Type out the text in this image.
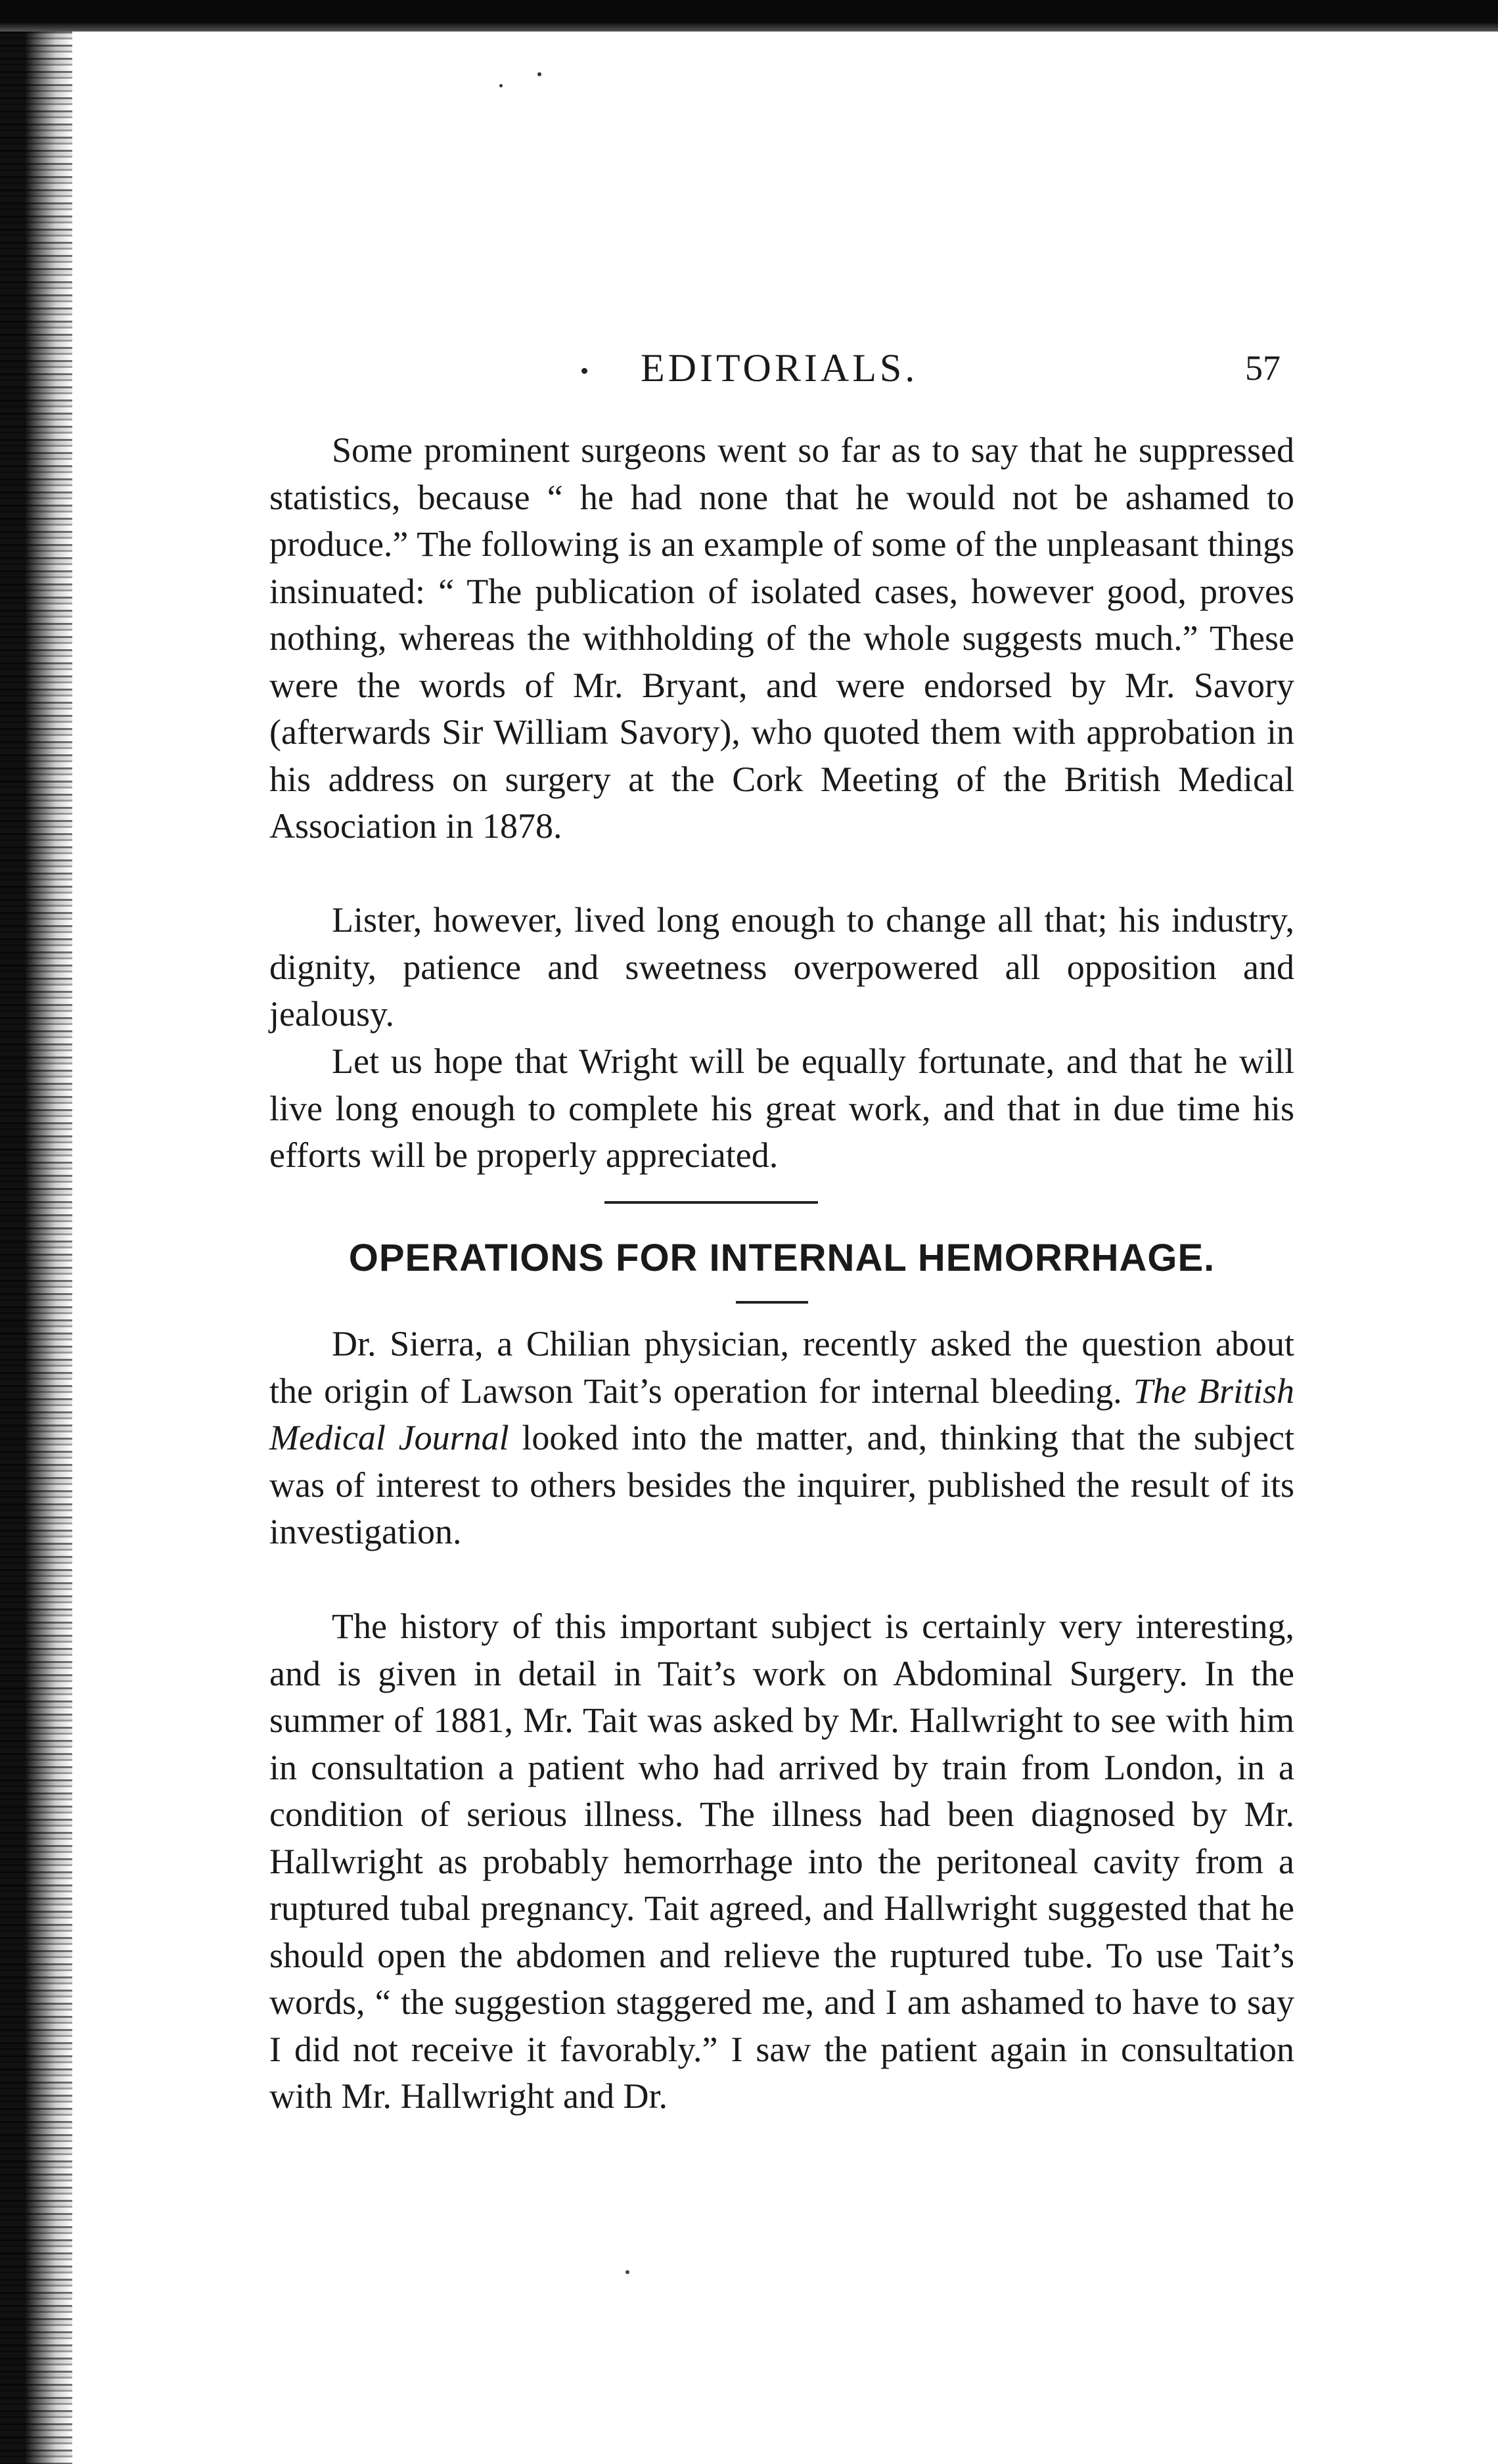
EDITORIALS.	57

Some prominent surgeons went so far as to say that he suppressed statistics, because “ he had none that he would not be ashamed to produce.” The following is an example of some of the unpleasant things insinuated: “ The publication of isolated cases, however good, proves nothing, whereas the withholding of the whole suggests much.” These were the words of Mr. Bryant, and were endorsed by Mr. Savory (afterwards Sir William Savory), who quoted them with approbation in his address on surgery at the Cork Meeting of the British Medical Association in 1878.

Lister, however, lived long enough to change all that; his industry, dignity, patience and sweetness overpowered all opposition and jealousy.

Let us hope that Wright will be equally fortunate, and that he will live long enough to complete his great work, and that in due time his efforts will be properly appreciated.

OPERATIONS FOR INTERNAL HEMORRHAGE.

Dr. Sierra, a Chilian physician, recently asked the question about the origin of Lawson Tait’s operation for internal bleeding. The British Medical Journal looked into the matter, and, thinking that the subject was of interest to others besides the inquirer, published the result of its investigation.

The history of this important subject is certainly very interesting, and is given in detail in Tait’s work on Abdominal Surgery. In the summer of 1881, Mr. Tait was asked by Mr. Hallwright to see with him in consultation a patient who had arrived by train from London, in a condition of serious illness. The illness had been diagnosed by Mr. Hallwright as probably hemorrhage into the peritoneal cavity from a ruptured tubal pregnancy. Tait agreed, and Hallwright suggested that he should open the abdomen and relieve the ruptured tube. To use Tait’s words, “ the suggestion staggered me, and I am ashamed to have to say I did not receive it favorably.” I saw the patient again in consultation with Mr. Hallwright and Dr.
